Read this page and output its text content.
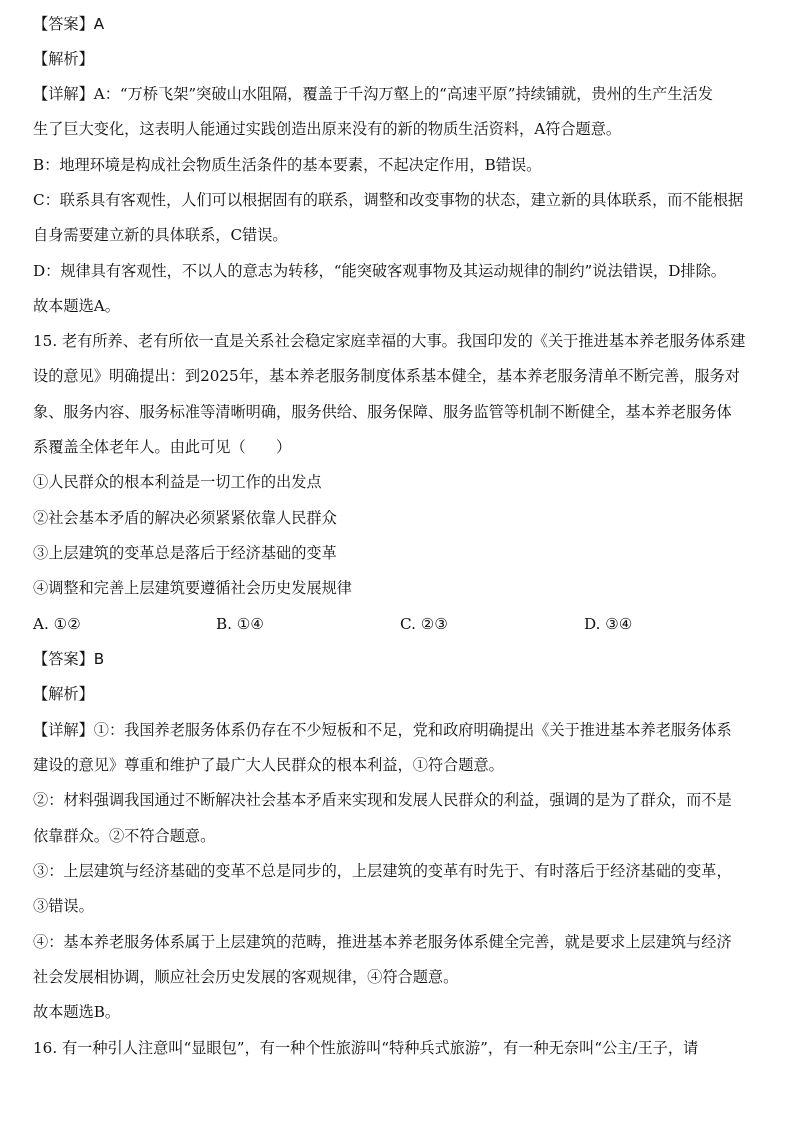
【答案】A
【解析】
【详解】A：“万桥飞架”突破山水阻隔，覆盖于千沟万壑上的“高速平原”持续铺就，贵州的生产生活发
生了巨大变化，这表明人能通过实践创造出原来没有的新的物质生活资料，A符合题意。
B：地理环境是构成社会物质生活条件的基本要素，不起决定作用，B错误。
C：联系具有客观性，人们可以根据固有的联系，调整和改变事物的状态，建立新的具体联系，而不能根据
自身需要建立新的具体联系，C错误。
D：规律具有客观性，不以人的意志为转移，“能突破客观事物及其运动规律的制约”说法错误，D排除。
故本题选A。
15. 老有所养、老有所依一直是关系社会稳定家庭幸福的大事。我国印发的《关于推进基本养老服务体系建
设的意见》明确提出：到2025年，基本养老服务制度体系基本健全，基本养老服务清单不断完善，服务对
象、服务内容、服务标准等清晰明确，服务供给、服务保障、服务监管等机制不断健全，基本养老服务体
系覆盖全体老年人。由此可见（　　）
①人民群众的根本利益是一切工作的出发点
②社会基本矛盾的解决必须紧紧依靠人民群众
③上层建筑的变革总是落后于经济基础的变革
④调整和完善上层建筑要遵循社会历史发展规律
A. ①②	B. ①④	C. ②③	D. ③④
【答案】B
【解析】
【详解】①：我国养老服务体系仍存在不少短板和不足，党和政府明确提出《关于推进基本养老服务体系
建设的意见》尊重和维护了最广大人民群众的根本利益，①符合题意。
②：材料强调我国通过不断解决社会基本矛盾来实现和发展人民群众的利益，强调的是为了群众，而不是
依靠群众。②不符合题意。
③：上层建筑与经济基础的变革不总是同步的，上层建筑的变革有时先于、有时落后于经济基础的变革，
③错误。
④：基本养老服务体系属于上层建筑的范畴，推进基本养老服务体系健全完善，就是要求上层建筑与经济
社会发展相协调，顺应社会历史发展的客观规律，④符合题意。
故本题选B。
16. 有一种引人注意叫“显眼包”，有一种个性旅游叫“特种兵式旅游”，有一种无奈叫“公主/王子，请
